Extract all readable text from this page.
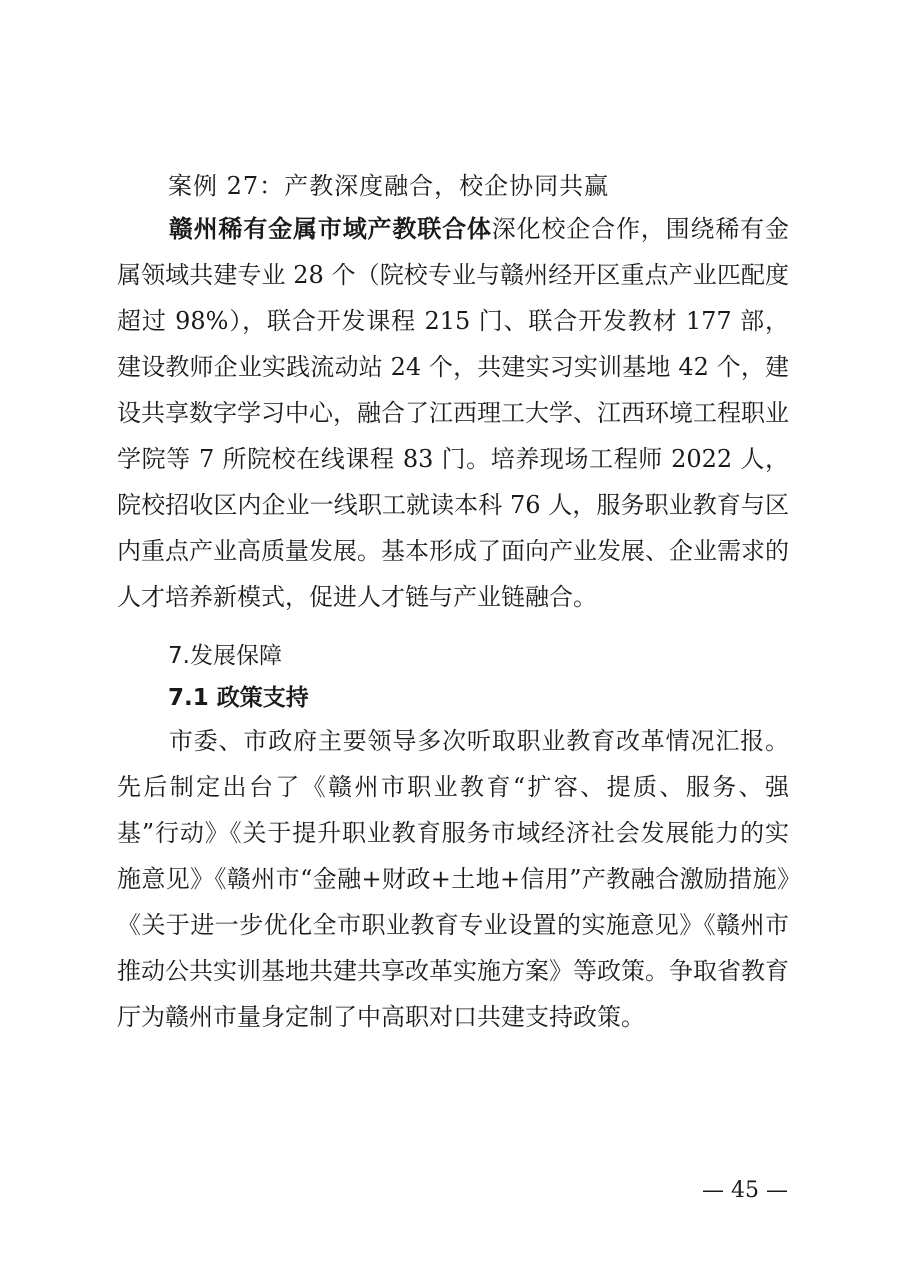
案例 27：产教深度融合，校企协同共赢

赣州稀有金属市域产教联合体深化校企合作，围绕稀有金属领域共建专业 28 个（院校专业与赣州经开区重点产业匹配度超过 98%），联合开发课程 215 门、联合开发教材 177 部，建设教师企业实践流动站 24 个，共建实习实训基地 42 个，建设共享数字学习中心，融合了江西理工大学、江西环境工程职业学院等 7 所院校在线课程 83 门。培养现场工程师 2022 人，院校招收区内企业一线职工就读本科 76 人，服务职业教育与区内重点产业高质量发展。基本形成了面向产业发展、企业需求的人才培养新模式，促进人才链与产业链融合。

7.发展保障
7.1 政策支持

市委、市政府主要领导多次听取职业教育改革情况汇报。先后制定出台了《赣州市职业教育“扩容、提质、服务、强基”行动》《关于提升职业教育服务市域经济社会发展能力的实施意见》《赣州市“金融+财政+土地+信用”产教融合激励措施》《关于进一步优化全市职业教育专业设置的实施意见》《赣州市推动公共实训基地共建共享改革实施方案》等政策。争取省教育厅为赣州市量身定制了中高职对口共建支持政策。

— 45 —
